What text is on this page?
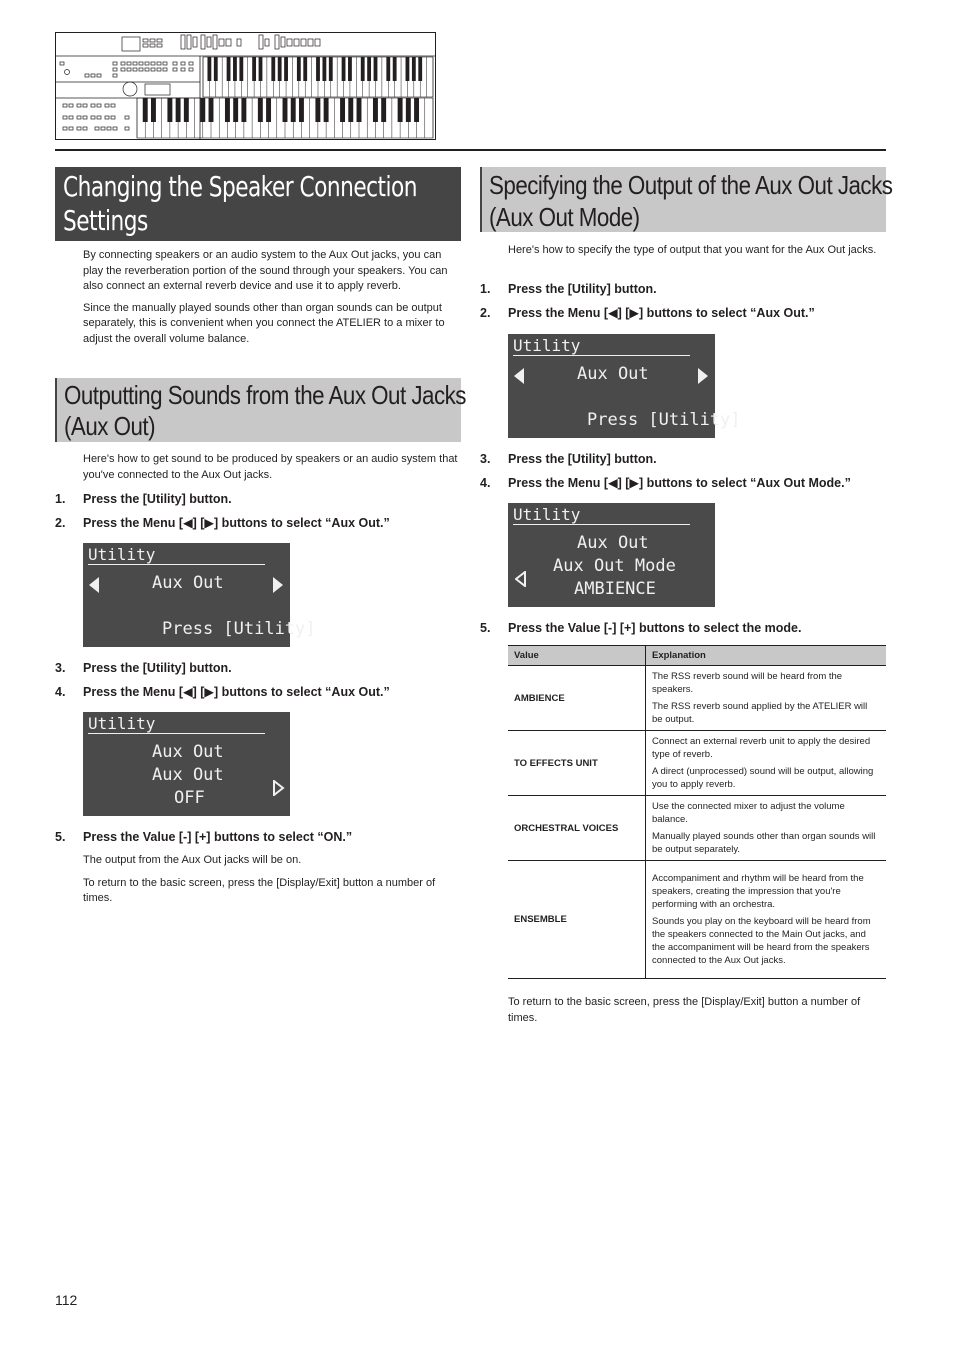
Changing the Speaker Connection
Settings

By connecting speakers or an audio system to the Aux Out jacks, you can play the reverberation portion of the sound through your speakers. You can also connect an external reverb device and use it to apply reverb.

Since the manually played sounds other than organ sounds can be output separately, this is convenient when you connect the ATELIER to a mixer to adjust the overall volume balance.

Outputting Sounds from the Aux Out Jacks
(Aux Out)

Here's how to get sound to be produced by speakers or an audio system that you've connected to the Aux Out jacks.

1. Press the [Utility] button.
2. Press the Menu [◀] [▶] buttons to select “Aux Out.”
Utility
Aux Out
Press [Utility]
3. Press the [Utility] button.
4. Press the Menu [◀] [▶] buttons to select “Aux Out.”
Utility
Aux Out
Aux Out
OFF
5. Press the Value [-] [+] buttons to select “ON.”

The output from the Aux Out jacks will be on.

To return to the basic screen, press the [Display/Exit] button a number of times.

Specifying the Output of the Aux Out Jacks
(Aux Out Mode)

Here's how to specify the type of output that you want for the Aux Out jacks.

1. Press the [Utility] button.
2. Press the Menu [◀] [▶] buttons to select “Aux Out.”
Utility
Aux Out
Press [Utility]
3. Press the [Utility] button.
4. Press the Menu [◀] [▶] buttons to select “Aux Out Mode.”
Utility
Aux Out
Aux Out Mode
AMBIENCE
5. Press the Value [-] [+] buttons to select the mode.
Value	Explanation
AMBIENCE	The RSS reverb sound will be heard from the speakers.

The RSS reverb sound applied by the ATELIER will be output.

TO EFFECTS UNIT	Connect an external reverb unit to apply the desired type of reverb.

A direct (unprocessed) sound will be output, allowing you to apply reverb.

ORCHESTRAL VOICES	Use the connected mixer to adjust the volume balance.

Manually played sounds other than organ sounds will be output separately.

ENSEMBLE	Accompaniment and rhythm will be heard from the speakers, creating the impression that you're performing with an orchestra.

Sounds you play on the keyboard will be heard from the speakers connected to the Main Out jacks, and the accompaniment will be heard from the speakers connected to the Aux Out jacks.

To return to the basic screen, press the [Display/Exit] button a number of times.

112
